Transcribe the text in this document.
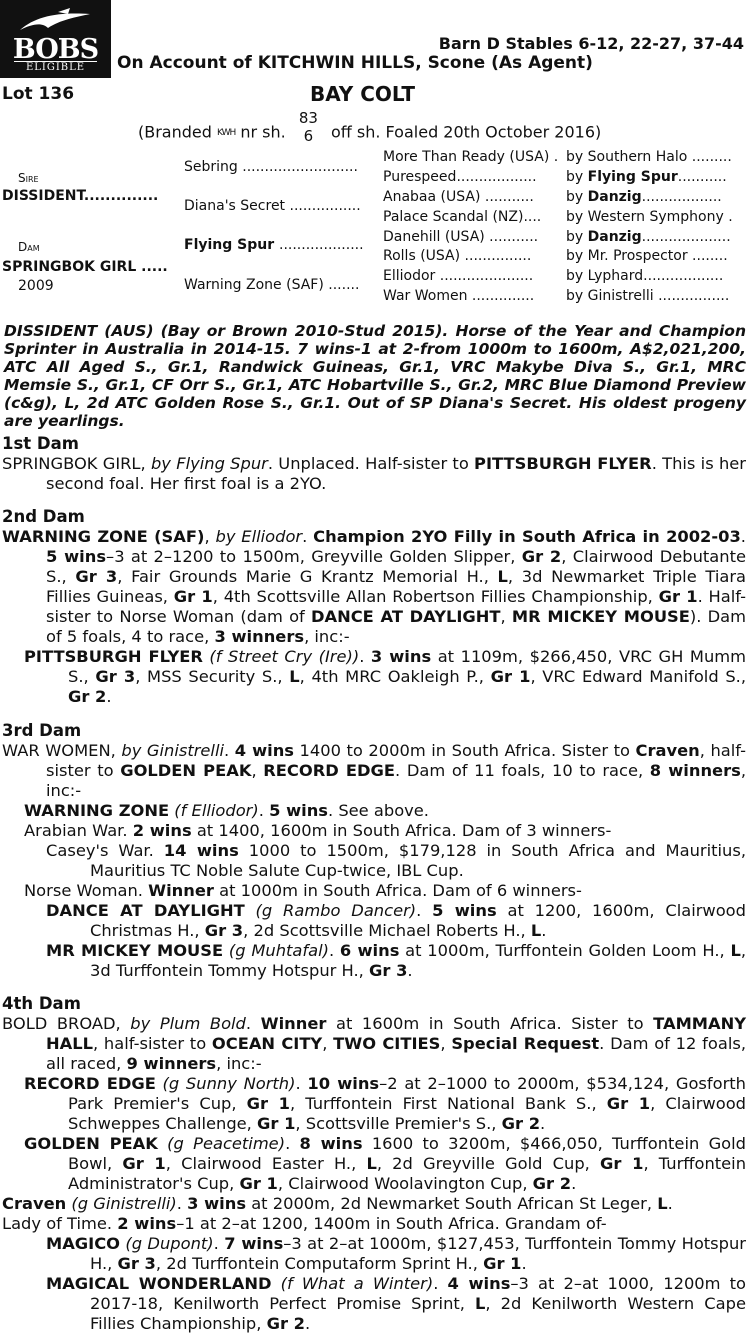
BOBS
ELIGIBLE
Barn D Stables 6-12, 22-27, 37-44
On Account of KITCHWIN HILLS, Scone (As Agent)
Lot 136	BAY COLT
(Branded KWH nr sh. 83
6 off sh. Foaled 20th October 2016)
Sire
DISSIDENT..............
Dam
SPRINGBOK GIRL .....
2009
Sebring ..........................
Diana's Secret ................
Flying Spur ...................
Warning Zone (SAF) .......
More Than Ready (USA) .
Purespeed..................
Anabaa (USA) ...........
Palace Scandal (NZ)....
Danehill (USA) ...........
Rolls (USA) ...............
Elliodor .....................
War Women ..............
by Southern Halo .........
by Flying Spur...........
by Danzig..................
by Western Symphony .
by Danzig....................
by Mr. Prospector ........
by Lyphard..................
by Ginistrelli ................
DISSIDENT (AUS) (Bay or Brown 2010-Stud 2015). Horse of the Year and Champion Sprinter in Australia in 2014-15. 7 wins-1 at 2-from 1000m to 1600m, A$2,021,200, ATC All Aged S., Gr.1, Randwick Guineas, Gr.1, VRC Makybe Diva S., Gr.1, MRC Memsie S., Gr.1, CF Orr S., Gr.1, ATC Hobartville S., Gr.2, MRC Blue Diamond Preview (c&g), L, 2d ATC Golden Rose S., Gr.1. Out of SP Diana's Secret. His oldest progeny are yearlings.
1st Dam

SPRINGBOK GIRL, by Flying Spur. Unplaced. Half-sister to PITTSBURGH FLYER. This is her second foal. Her first foal is a 2YO.

2nd Dam

WARNING ZONE (SAF), by Elliodor. Champion 2YO Filly in South Africa in 2002-03. 5 wins–3 at 2–1200 to 1500m, Greyville Golden Slipper, Gr 2, Clairwood Debutante S., Gr 3, Fair Grounds Marie G Krantz Memorial H., L, 3d Newmarket Triple Tiara Fillies Guineas, Gr 1, 4th Scottsville Allan Robertson Fillies Championship, Gr 1. Half-sister to Norse Woman (dam of DANCE AT DAYLIGHT, MR MICKEY MOUSE). Dam of 5 foals, 4 to race, 3 winners, inc:-

PITTSBURGH FLYER (f Street Cry (Ire)). 3 wins at 1109m, $266,450, VRC GH Mumm S., Gr 3, MSS Security S., L, 4th MRC Oakleigh P., Gr 1, VRC Edward Manifold S., Gr 2.

3rd Dam

WAR WOMEN, by Ginistrelli. 4 wins 1400 to 2000m in South Africa. Sister to Craven, half-sister to GOLDEN PEAK, RECORD EDGE. Dam of 11 foals, 10 to race, 8 winners, inc:-

WARNING ZONE (f Elliodor). 5 wins. See above.

Arabian War. 2 wins at 1400, 1600m in South Africa. Dam of 3 winners-

Casey's War. 14 wins 1000 to 1500m, $179,128 in South Africa and Mauritius, Mauritius TC Noble Salute Cup-twice, IBL Cup.

Norse Woman. Winner at 1000m in South Africa. Dam of 6 winners-

DANCE AT DAYLIGHT (g Rambo Dancer). 5 wins at 1200, 1600m, Clairwood Christmas H., Gr 3, 2d Scottsville Michael Roberts H., L.

MR MICKEY MOUSE (g Muhtafal). 6 wins at 1000m, Turffontein Golden Loom H., L, 3d Turffontein Tommy Hotspur H., Gr 3.

4th Dam

BOLD BROAD, by Plum Bold. Winner at 1600m in South Africa. Sister to TAMMANY HALL, half-sister to OCEAN CITY, TWO CITIES, Special Request. Dam of 12 foals, all raced, 9 winners, inc:-

RECORD EDGE (g Sunny North). 10 wins–2 at 2–1000 to 2000m, $534,124, Gosforth Park Premier's Cup, Gr 1, Turffontein First National Bank S., Gr 1, Clairwood Schweppes Challenge, Gr 1, Scottsville Premier's S., Gr 2.

GOLDEN PEAK (g Peacetime). 8 wins 1600 to 3200m, $466,050, Turffontein Gold Bowl, Gr 1, Clairwood Easter H., L, 2d Greyville Gold Cup, Gr 1, Turffontein Administrator's Cup, Gr 1, Clairwood Woolavington Cup, Gr 2.

Craven (g Ginistrelli). 3 wins at 2000m, 2d Newmarket South African St Leger, L.

Lady of Time. 2 wins–1 at 2–at 1200, 1400m in South Africa. Grandam of-

MAGICO (g Dupont). 7 wins–3 at 2–at 1000m, $127,453, Turffontein Tommy Hotspur H., Gr 3, 2d Turffontein Computaform Sprint H., Gr 1.

MAGICAL WONDERLAND (f What a Winter). 4 wins–3 at 2–at 1000, 1200m to 2017-18, Kenilworth Perfect Promise Sprint, L, 2d Kenilworth Western Cape Fillies Championship, Gr 2.
